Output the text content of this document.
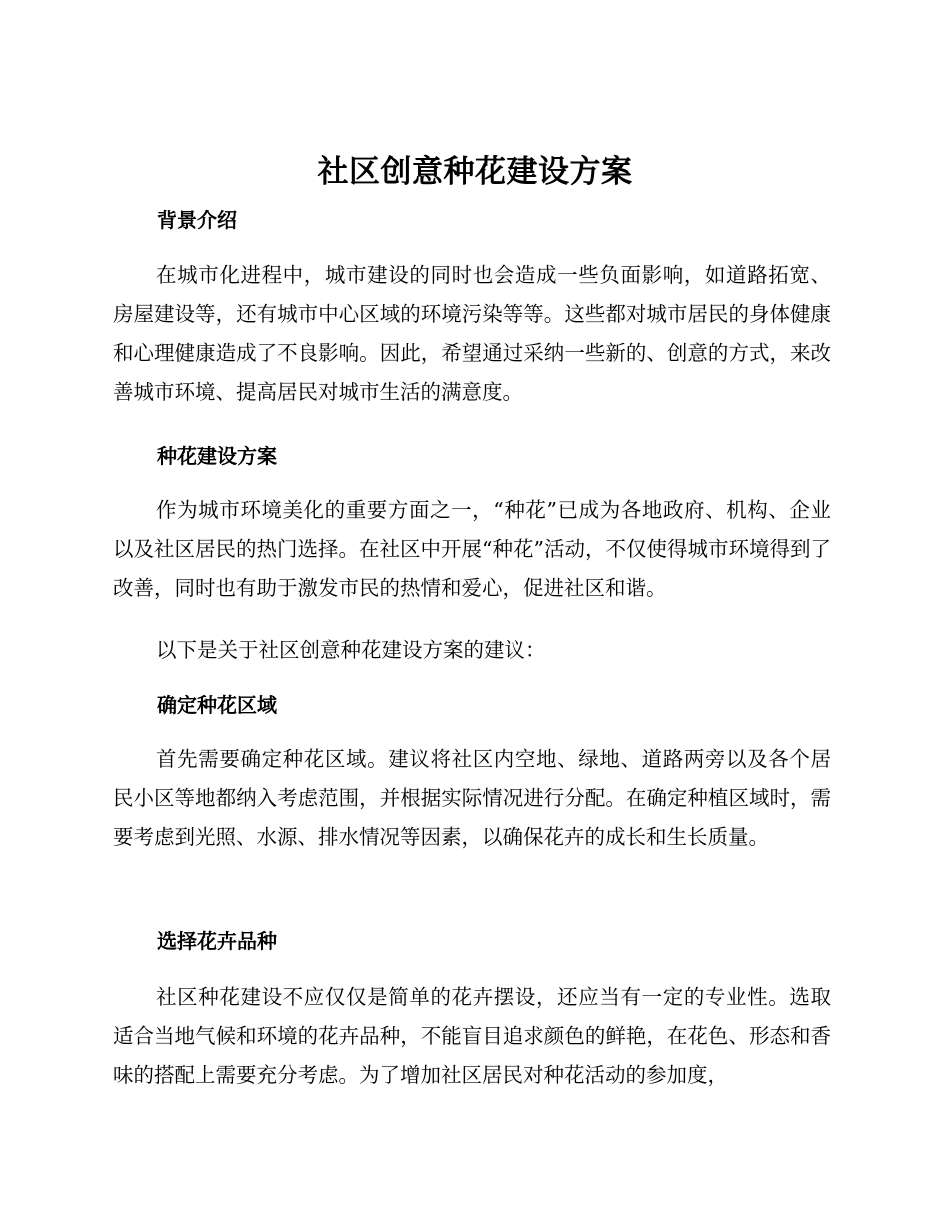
社区创意种花建设方案
背景介绍

在城市化进程中，城市建设的同时也会造成一些负面影响，如道路拓宽、房屋建设等，还有城市中心区域的环境污染等等。这些都对城市居民的身体健康和心理健康造成了不良影响。因此，希望通过采纳一些新的、创意的方式，来改善城市环境、提高居民对城市生活的满意度。

种花建设方案

作为城市环境美化的重要方面之一，“种花”已成为各地政府、机构、企业以及社区居民的热门选择。在社区中开展“种花”活动，不仅使得城市环境得到了改善，同时也有助于激发市民的热情和爱心，促进社区和谐。

以下是关于社区创意种花建设方案的建议：

确定种花区域

首先需要确定种花区域。建议将社区内空地、绿地、道路两旁以及各个居民小区等地都纳入考虑范围，并根据实际情况进行分配。在确定种植区域时，需要考虑到光照、水源、排水情况等因素，以确保花卉的成长和生长质量。

选择花卉品种

社区种花建设不应仅仅是简单的花卉摆设，还应当有一定的专业性。选取适合当地气候和环境的花卉品种，不能盲目追求颜色的鲜艳，在花色、形态和香味的搭配上需要充分考虑。为了增加社区居民对种花活动的参加度，
